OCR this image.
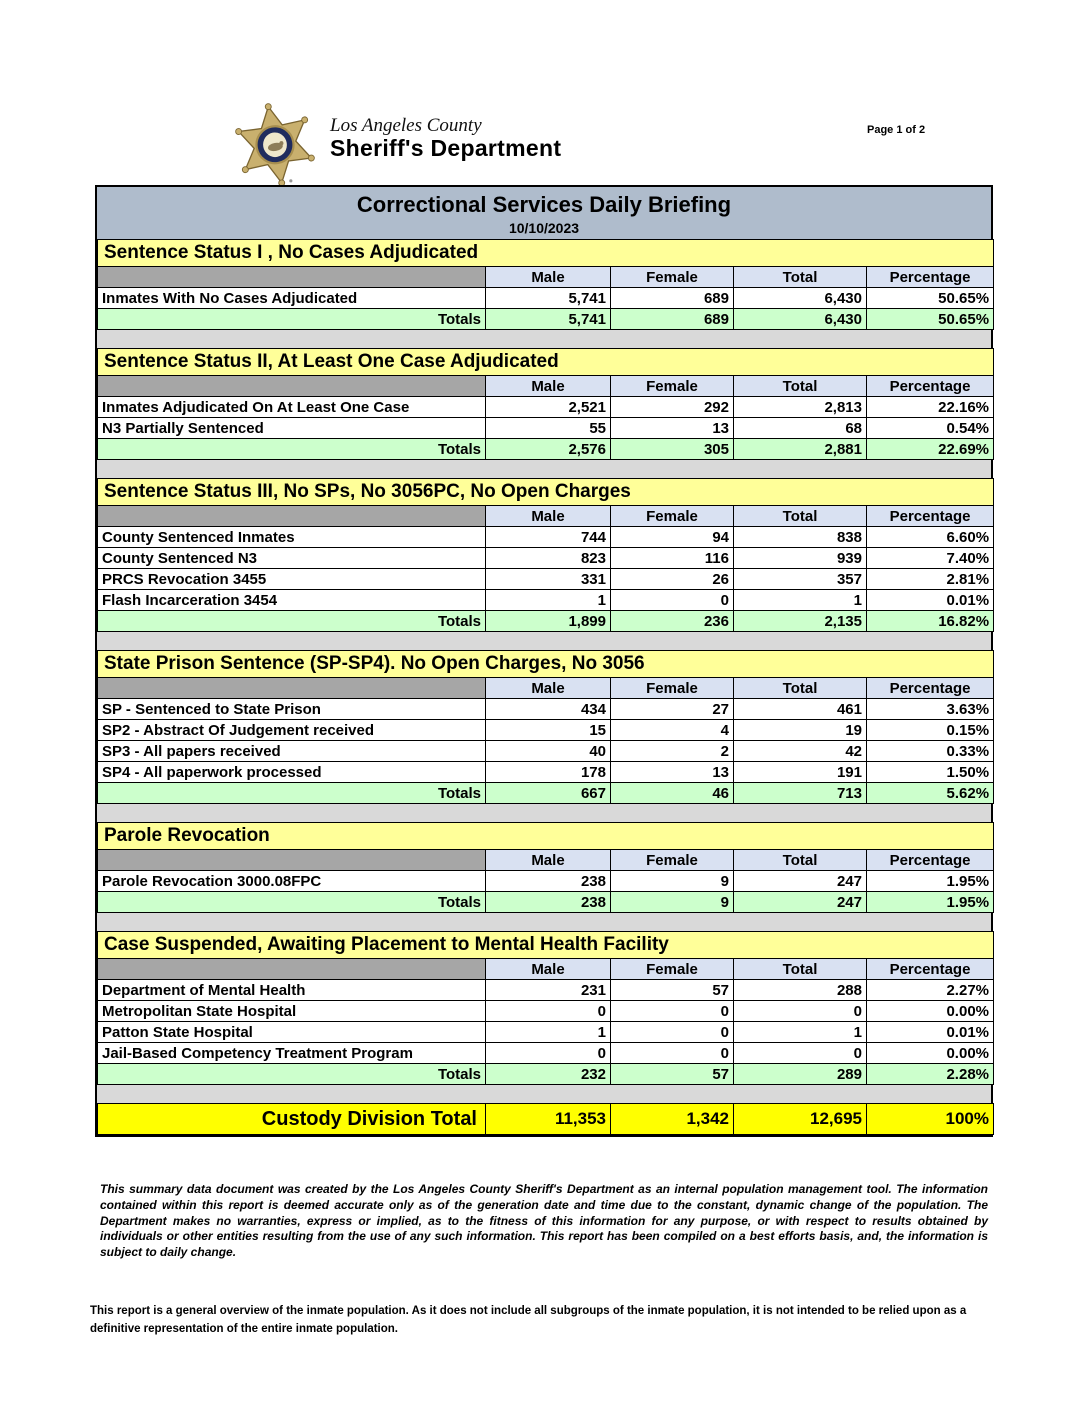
Los Angeles County
Sheriff's Department
Page 1 of 2
Correctional Services Daily Briefing
10/10/2023
Sentence Status I , No Cases Adjudicated				
	Male	Female	Total	Percentage
Inmates With No Cases Adjudicated	5,741	689	6,430	50.65%
Totals	5,741	689	6,430	50.65%
Sentence Status II, At Least One Case Adjudicated				
	Male	Female	Total	Percentage
Inmates Adjudicated On At Least One Case	2,521	292	2,813	22.16%
N3 Partially Sentenced	55	13	68	0.54%
Totals	2,576	305	2,881	22.69%
Sentence Status III, No SPs, No 3056PC, No Open Charges				
	Male	Female	Total	Percentage
County Sentenced Inmates	744	94	838	6.60%
County Sentenced N3	823	116	939	7.40%
PRCS Revocation 3455	331	26	357	2.81%
Flash Incarceration 3454	1	0	1	0.01%
Totals	1,899	236	2,135	16.82%
State Prison Sentence (SP-SP4). No Open Charges, No 3056				
	Male	Female	Total	Percentage
SP - Sentenced to State Prison	434	27	461	3.63%
SP2 - Abstract Of Judgement received	15	4	19	0.15%
SP3 - All papers received	40	2	42	0.33%
SP4 - All paperwork processed	178	13	191	1.50%
Totals	667	46	713	5.62%
Parole Revocation				
	Male	Female	Total	Percentage
Parole Revocation 3000.08FPC	238	9	247	1.95%
Totals	238	9	247	1.95%
Case Suspended, Awaiting Placement to Mental Health Facility				
	Male	Female	Total	Percentage
Department of Mental Health	231	57	288	2.27%
Metropolitan State Hospital	0	0	0	0.00%
Patton State Hospital	1	0	1	0.01%
Jail-Based Competency Treatment Program	0	0	0	0.00%
Totals	232	57	289	2.28%
Custody Division Total	11,353	1,342	12,695	100%

This summary data document was created by the Los Angeles County Sheriff's Department as an internal population management tool. The information contained within this report is deemed accurate only as of the generation date and time due to the constant, dynamic change of the population. The Department makes no warranties, express or implied, as to the fitness of this information for any purpose, or with respect to results obtained by individuals or other entities resulting from the use of any such information. This report has been compiled on a best efforts basis, and, the information is subject to daily change.

This report is a general overview of the inmate population. As it does not include all subgroups of the inmate population, it is not intended to be relied upon as a definitive representation of the entire inmate population.
